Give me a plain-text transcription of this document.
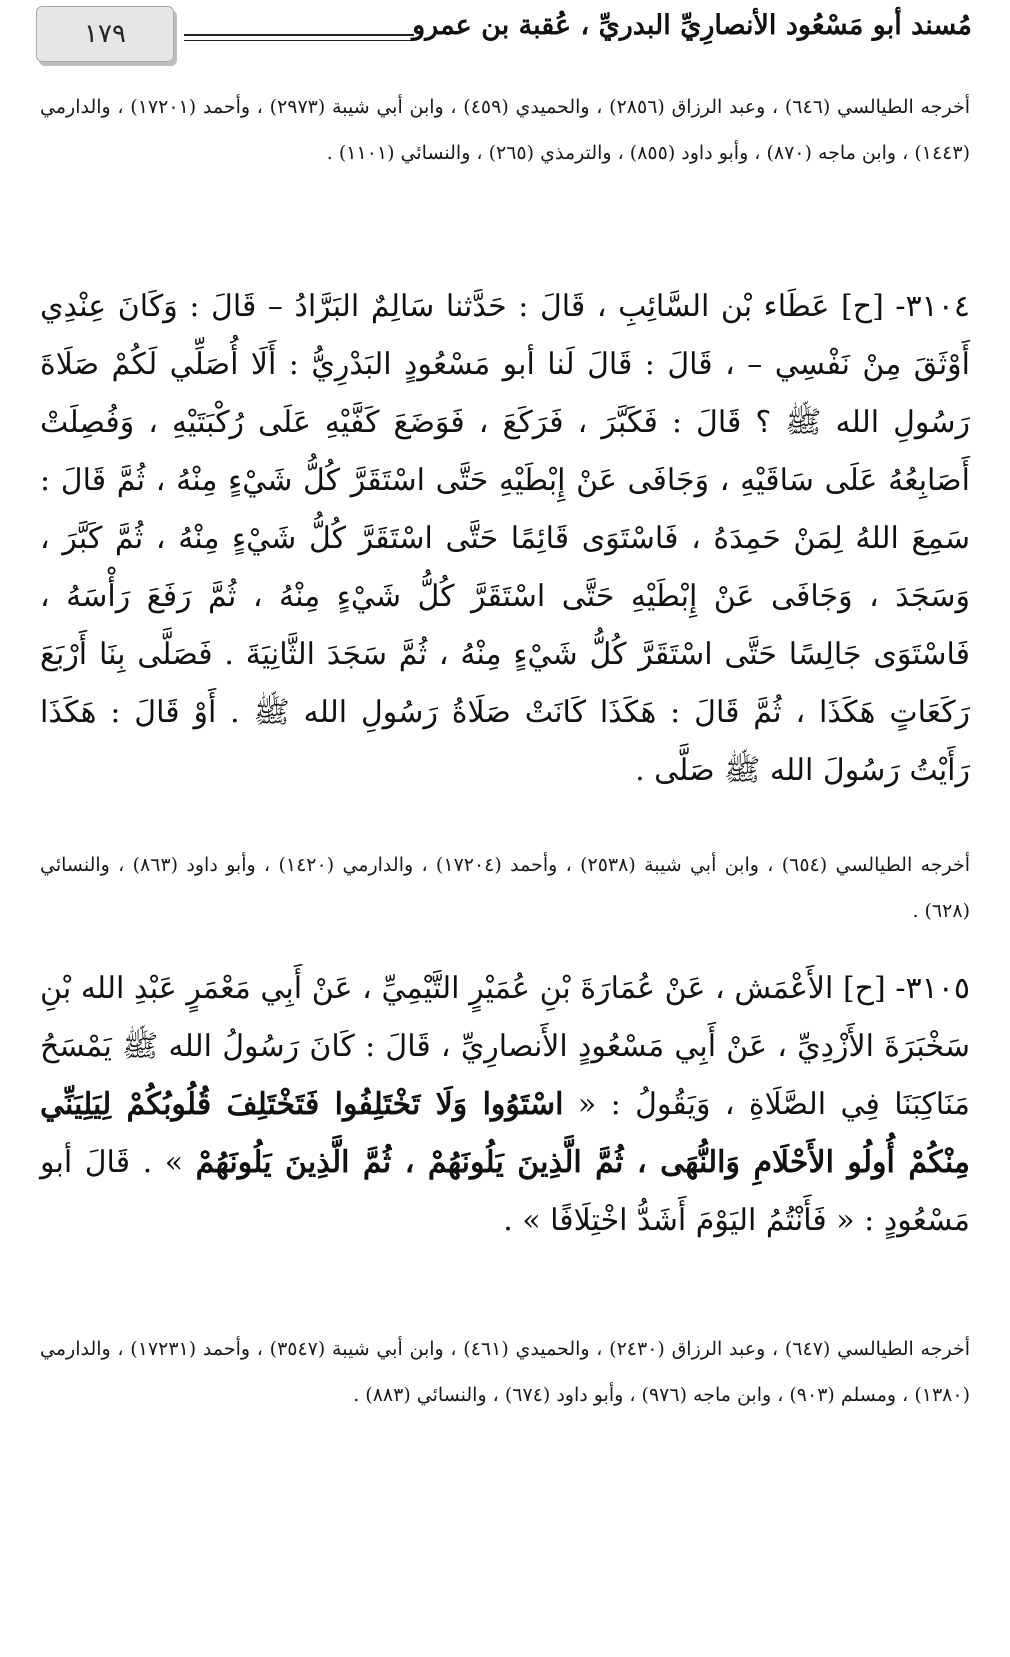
١٧٩	مُسند أبو مَسْعُود الأنصارِيِّ البدريِّ ، عُقبة بن عمرو
أخرجه الطيالسي (٦٤٦) ، وعبد الرزاق (٢٨٥٦) ، والحميدي (٤٥٩) ، وابن أبي شيبة (٢٩٧٣) ، وأحمد (١٧٢٠١) ، والدارمي (١٤٤٣) ، وابن ماجه (٨٧٠) ، وأبو داود (٨٥٥) ، والترمذي (٢٦٥) ، والنسائي (١١٠١) .
٣١٠٤- [ح] عَطَاء بْن السَّائِبِ ، قَالَ : حَدَّثنا سَالِمٌ البَرَّادُ – قَالَ : وَكَانَ عِنْدِي أَوْثَقَ مِنْ نَفْسِي – ، قَالَ : قَالَ لَنا أبو مَسْعُودٍ البَدْرِيُّ : أَلَا أُصَلِّي لَكُمْ صَلَاةَ رَسُولِ الله ﷺ ؟ قَالَ : فَكَبَّرَ ، فَرَكَعَ ، فَوَضَعَ كَفَّيْهِ عَلَى رُكْبَتَيْهِ ، وَفُصِلَتْ أَصَابِعُهُ عَلَى سَاقَيْهِ ، وَجَافَى عَنْ إِبْطَيْهِ حَتَّى اسْتَقَرَّ كُلُّ شَيْءٍ مِنْهُ ، ثُمَّ قَالَ : سَمِعَ اللهُ لِمَنْ حَمِدَهُ ، فَاسْتَوَى قَائِمًا حَتَّى اسْتَقَرَّ كُلُّ شَيْءٍ مِنْهُ ، ثُمَّ كَبَّرَ ، وَسَجَدَ ، وَجَافَى عَنْ إِبْطَيْهِ حَتَّى اسْتَقَرَّ كُلُّ شَيْءٍ مِنْهُ ، ثُمَّ رَفَعَ رَأْسَهُ ، فَاسْتَوَى جَالِسًا حَتَّى اسْتَقَرَّ كُلُّ شَيْءٍ مِنْهُ ، ثُمَّ سَجَدَ الثَّانِيَةَ . فَصَلَّى بِنَا أَرْبَعَ رَكَعَاتٍ هَكَذَا ، ثُمَّ قَالَ : هَكَذَا كَانَتْ صَلَاةُ رَسُولِ الله ﷺ . أَوْ قَالَ : هَكَذَا رَأَيْتُ رَسُولَ الله ﷺ صَلَّى .
أخرجه الطيالسي (٦٥٤) ، وابن أبي شيبة (٢٥٣٨) ، وأحمد (١٧٢٠٤) ، والدارمي (١٤٢٠) ، وأبو داود (٨٦٣) ، والنسائي (٦٢٨) .
٣١٠٥- [ح] الأَعْمَش ، عَنْ عُمَارَةَ بْنِ عُمَيْرٍ التَّيْمِيِّ ، عَنْ أَبِي مَعْمَرٍ عَبْدِ الله بْنِ سَخْبَرَةَ الأَزْدِيِّ ، عَنْ أَبِي مَسْعُودٍ الأَنصارِيِّ ، قَالَ : كَانَ رَسُولُ الله ﷺ يَمْسَحُ مَنَاكِبَنَا فِي الصَّلَاةِ ، وَيَقُولُ : « اسْتَوُوا وَلَا تَخْتَلِفُوا فَتَخْتَلِفَ قُلُوبُكُمْ لِيَلِيَنِّي مِنْكُمْ أُولُو الأَحْلَامِ وَالنُّهَى ، ثُمَّ الَّذِينَ يَلُونَهُمْ ، ثُمَّ الَّذِينَ يَلُونَهُمْ » . قَالَ أبو مَسْعُودٍ : « فَأَنْتُمُ اليَوْمَ أَشَدُّ اخْتِلَافًا » .
أخرجه الطيالسي (٦٤٧) ، وعبد الرزاق (٢٤٣٠) ، والحميدي (٤٦١) ، وابن أبي شيبة (٣٥٤٧) ، وأحمد (١٧٢٣١) ، والدارمي (١٣٨٠) ، ومسلم (٩٠٣) ، وابن ماجه (٩٧٦) ، وأبو داود (٦٧٤) ، والنسائي (٨٨٣) .
